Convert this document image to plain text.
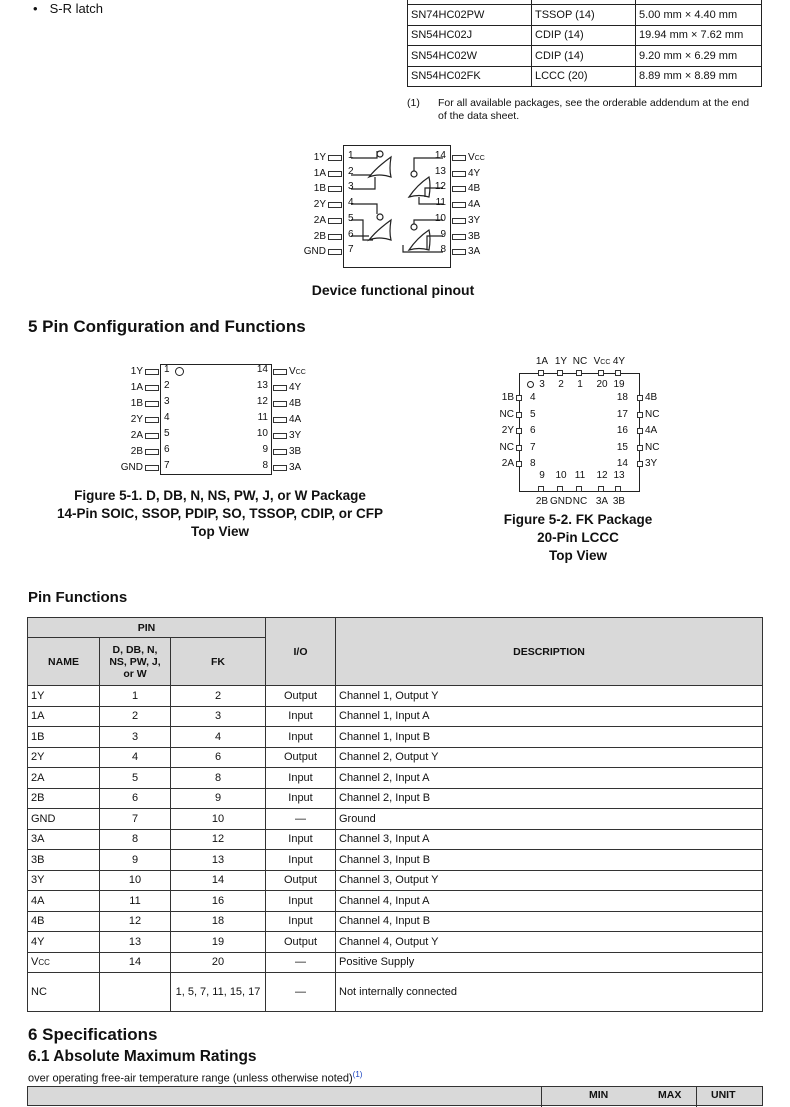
• S-R latch
			SN74HC02PW	TSSOP (14)	5.00 mm × 4.40 mm
SN54HC02J	CDIP (14)	19.94 mm × 7.62 mm
SN54HC02W	CDIP (14)	9.20 mm × 6.29 mm
SN54HC02FK	LCCC (20)	8.89 mm × 8.89 mm
(1) For all available packages, see the orderable addendum at the end of the data sheet.
1Y 1
1A 2
1B 3
2Y 4
2A 5
2B 6
GND 7
VCC
14
4Y
13
4B
12
4A
11
3Y
10
3B
9
3A
8
Device functional pinout
5 Pin Configuration and Functions
1Y 1
1A 2
1B 3
2Y 4
2A 5
2B 6
GND 7
VCC
14
4Y
13
4B
12
4A
11
3Y
10
3B
9
3A
8
Figure 5-1. D, DB, N, NS, PW, J, or W Package
14-Pin SOIC, SSOP, PDIP, SO, TSSOP, CDIP, or CFP
Top View
1A
3
1Y
2
NC
1
VCC
20
4Y
19
9
2B
10
GND
11
NC
12
3A
13
3B
1B 4
NC 5
2Y 6
NC 7
2A 8
18 4B
17 NC
16 4A
15 NC
14 3Y
Figure 5-2. FK Package
20-Pin LCCC
Top View
Pin Functions
PIN			I/O	DESCRIPTION
NAME	D, DB, N, NS, PW, J, or W	FK		
1Y	1	2	Output	Channel 1, Output Y
1A	2	3	Input	Channel 1, Input A
1B	3	4	Input	Channel 1, Input B
2Y	4	6	Output	Channel 2, Output Y
2A	5	8	Input	Channel 2, Input A
2B	6	9	Input	Channel 2, Input B
GND	7	10	—	Ground
3A	8	12	Input	Channel 3, Input A
3B	9	13	Input	Channel 3, Input B
3Y	10	14	Output	Channel 3, Output Y
4A	11	16	Input	Channel 4, Input A
4B	12	18	Input	Channel 4, Input B
4Y	13	19	Output	Channel 4, Output Y
VCC	14	20	—	Positive Supply
NC		1, 5, 7, 11, 15, 17	—	Not internally connected
6 Specifications
6.1 Absolute Maximum Ratings
over operating free-air temperature range (unless otherwise noted)$^{(1)}$
MIN	MAX	UNIT
